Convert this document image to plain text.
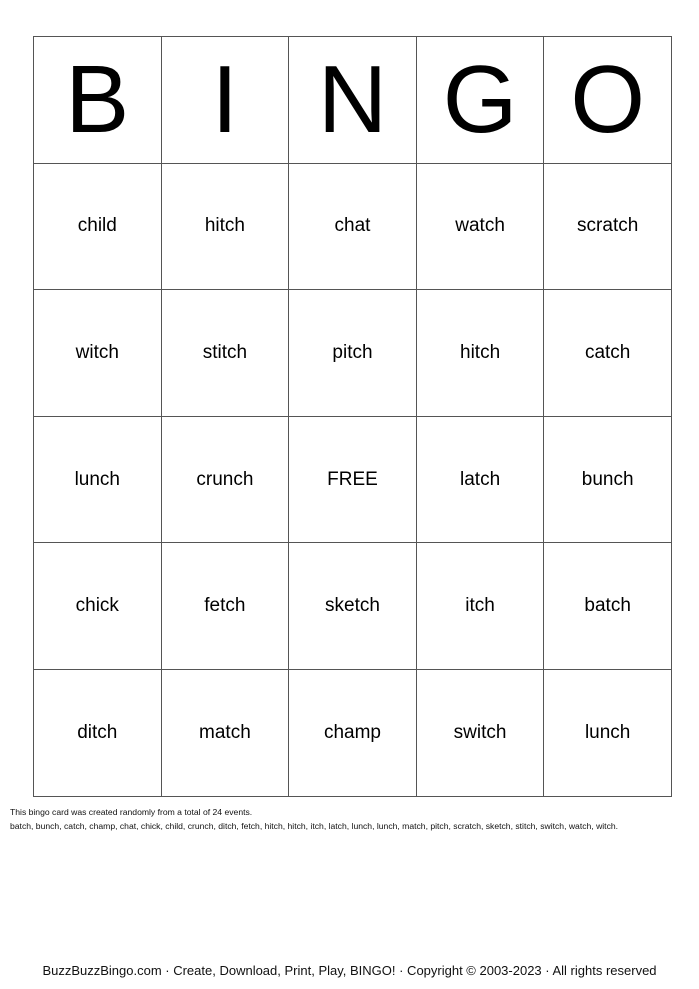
B	I	N	G	O
child	hitch	chat	watch	scratch
witch	stitch	pitch	hitch	catch
lunch	crunch	FREE	latch	bunch
chick	fetch	sketch	itch	batch
ditch	match	champ	switch	lunch
This bingo card was created randomly from a total of 24 events.
batch, bunch, catch, champ, chat, chick, child, crunch, ditch, fetch, hitch, hitch, itch, latch, lunch, lunch, match, pitch, scratch, sketch, stitch, switch, watch, witch.
BuzzBuzzBingo.com · Create, Download, Print, Play, BINGO! · Copyright © 2003-2023 · All rights reserved
